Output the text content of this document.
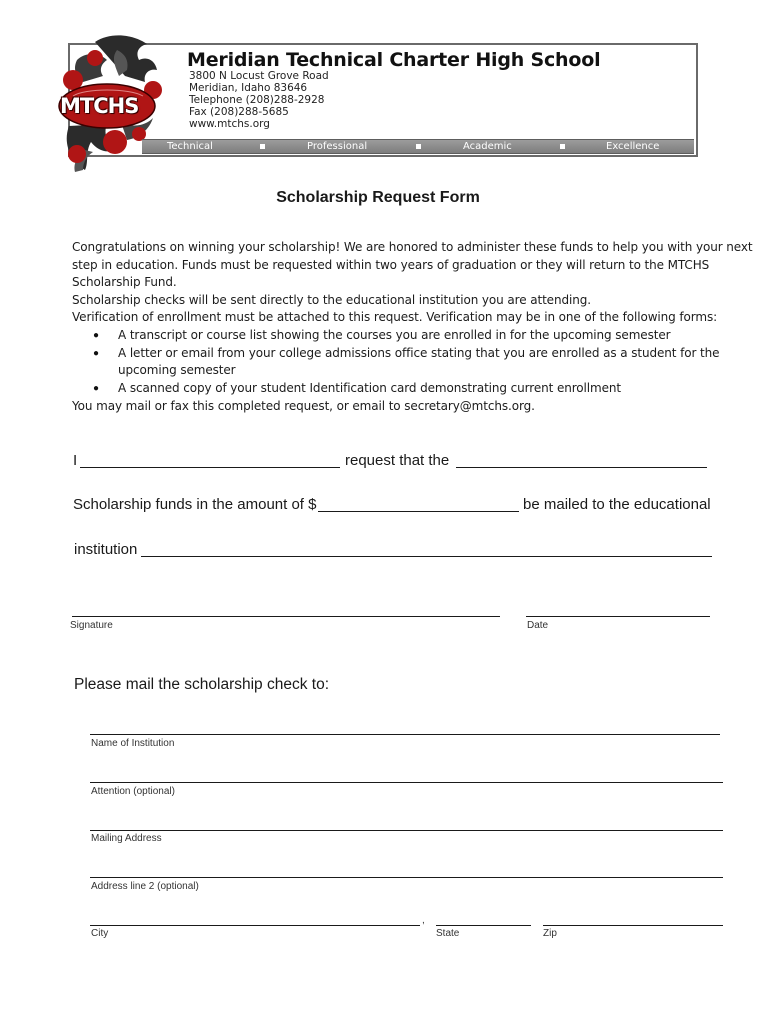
MTCHS
Meridian Technical Charter High School
3800 N Locust Grove Road
Meridian, Idaho 83646
Telephone (208)288-2928
Fax (208)288-5685
www.mtchs.org
Technical	Professional	Academic	Excellence
Scholarship Request Form
Congratulations on winning your scholarship! We are honored to administer these funds to help you with your next
step in education. Funds must be requested within two years of graduation or they will return to the MTCHS
Scholarship Fund.
Scholarship checks will be sent directly to the educational institution you are attending.
Verification of enrollment must be attached to this request. Verification may be in one of the following forms:
● A transcript or course list showing the courses you are enrolled in for the upcoming semester
● A letter or email from your college admissions office stating that you are enrolled as a student for the
upcoming semester
● A scanned copy of your student Identification card demonstrating current enrollment
You may mail or fax this completed request, or email to secretary@mtchs.org.
I	request that the
Scholarship funds in the amount of $	be mailed to the educational
institution
Signature	Date
Please mail the scholarship check to:
Name of Institution
Attention (optional)
Mailing Address
Address line 2 (optional)
,
City	State	Zip
